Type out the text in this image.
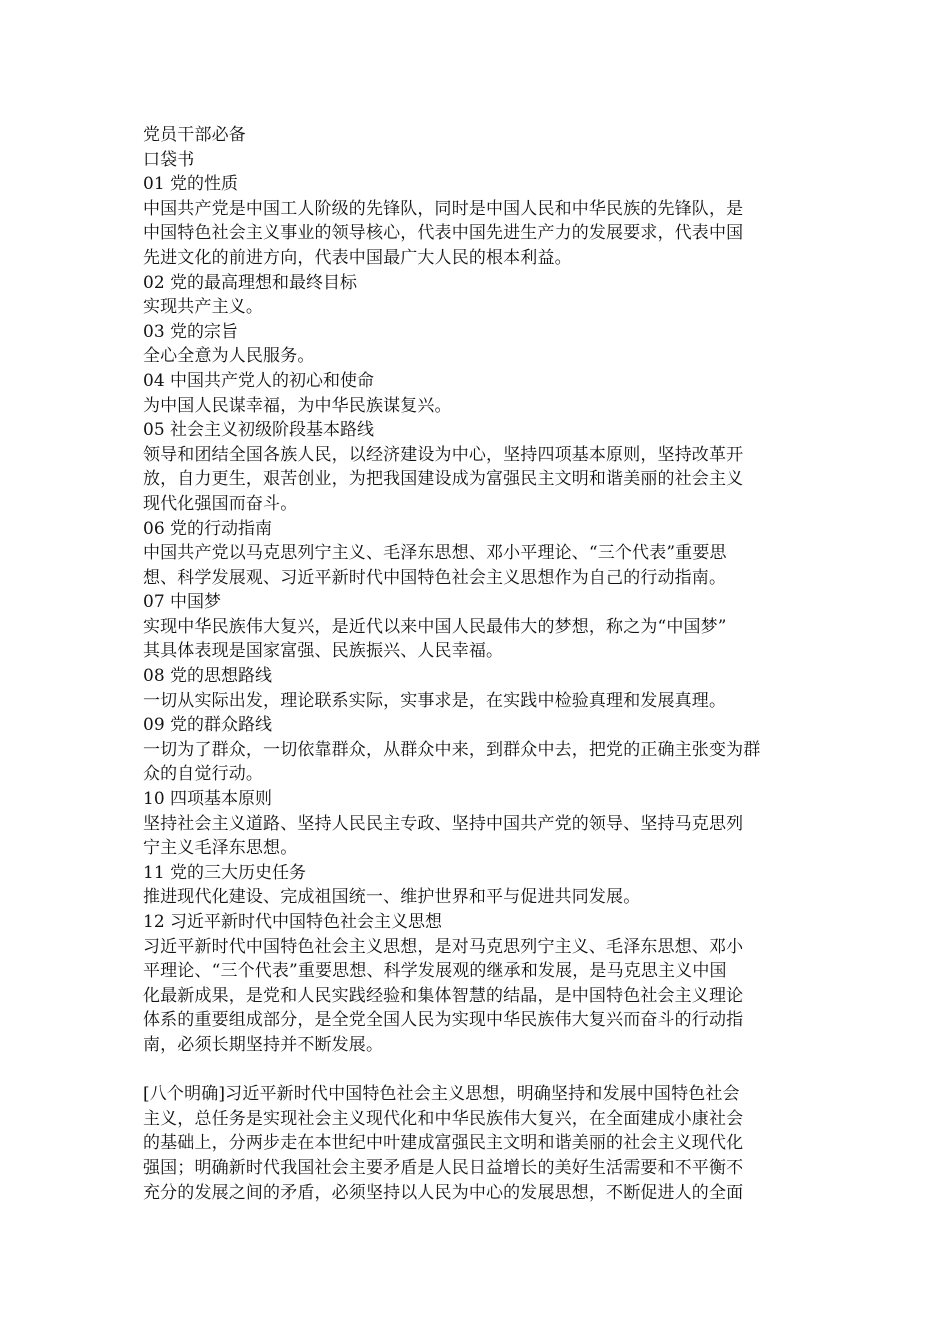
党员干部必备
口袋书
01 党的性质
中国共产党是中国工人阶级的先锋队，同时是中国人民和中华民族的先锋队，是
中国特色社会主义事业的领导核心，代表中国先进生产力的发展要求，代表中国
先进文化的前进方向，代表中国最广大人民的根本利益。
02 党的最高理想和最终目标
实现共产主义。
03 党的宗旨
全心全意为人民服务。
04 中国共产党人的初心和使命
为中国人民谋幸福，为中华民族谋复兴。
05 社会主义初级阶段基本路线
领导和团结全国各族人民，以经济建设为中心，坚持四项基本原则，坚持改革开
放，自力更生，艰苦创业，为把我国建设成为富强民主文明和谐美丽的社会主义
现代化强国而奋斗。
06 党的行动指南
中国共产党以马克思列宁主义、毛泽东思想、邓小平理论、“三个代表”重要思
想、科学发展观、习近平新时代中国特色社会主义思想作为自己的行动指南。
07 中国梦
实现中华民族伟大复兴，是近代以来中国人民最伟大的梦想，称之为“中国梦”
其具体表现是国家富强、民族振兴、人民幸福。
08 党的思想路线
一切从实际出发，理论联系实际，实事求是，在实践中检验真理和发展真理。
09 党的群众路线
一切为了群众，一切依靠群众，从群众中来，到群众中去，把党的正确主张变为群
众的自觉行动。
10 四项基本原则
坚持社会主义道路、坚持人民民主专政、坚持中国共产党的领导、坚持马克思列
宁主义毛泽东思想。
11 党的三大历史任务
推进现代化建设、完成祖国统一、维护世界和平与促进共同发展。
12 习近平新时代中国特色社会主义思想
习近平新时代中国特色社会主义思想，是对马克思列宁主义、毛泽东思想、邓小
平理论、“三个代表”重要思想、科学发展观的继承和发展，是马克思主义中国
化最新成果，是党和人民实践经验和集体智慧的结晶，是中国特色社会主义理论
体系的重要组成部分，是全党全国人民为实现中华民族伟大复兴而奋斗的行动指
南，必须长期坚持并不断发展。
[八个明确]习近平新时代中国特色社会主义思想，明确坚持和发展中国特色社会
主义，总任务是实现社会主义现代化和中华民族伟大复兴，在全面建成小康社会
的基础上，分两步走在本世纪中叶建成富强民主文明和谐美丽的社会主义现代化
强国；明确新时代我国社会主要矛盾是人民日益增长的美好生活需要和不平衡不
充分的发展之间的矛盾，必须坚持以人民为中心的发展思想，不断促进人的全面
